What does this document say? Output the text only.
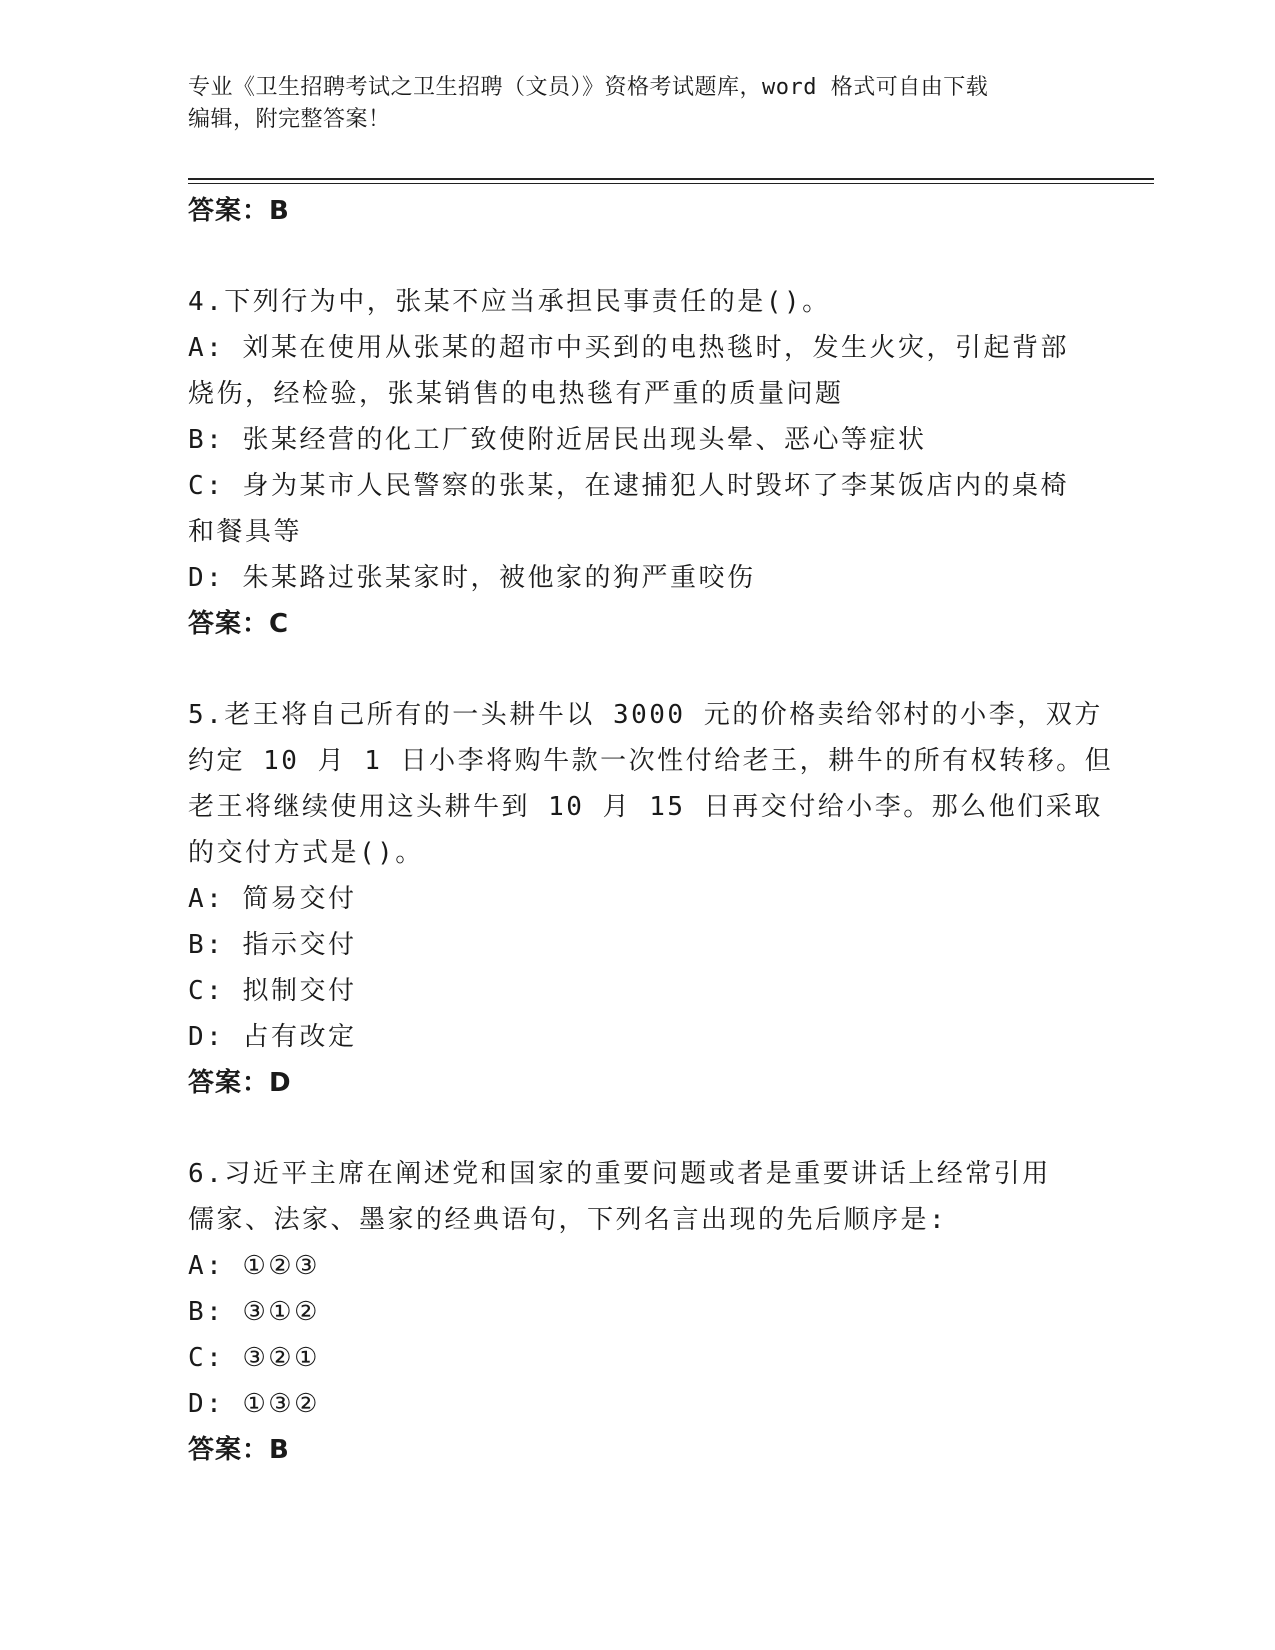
专业《卫生招聘考试之卫生招聘（文员）》资格考试题库，word 格式可自由下载
编辑，附完整答案！
答案：B
4.下列行为中，张某不应当承担民事责任的是()。
A: 刘某在使用从张某的超市中买到的电热毯时，发生火灾，引起背部
烧伤，经检验，张某销售的电热毯有严重的质量问题
B: 张某经营的化工厂致使附近居民出现头晕、恶心等症状
C: 身为某市人民警察的张某，在逮捕犯人时毁坏了李某饭店内的桌椅
和餐具等
D: 朱某路过张某家时，被他家的狗严重咬伤
答案：C
5.老王将自己所有的一头耕牛以 3000 元的价格卖给邻村的小李，双方
约定 10 月 1 日小李将购牛款一次性付给老王，耕牛的所有权转移。但
老王将继续使用这头耕牛到 10 月 15 日再交付给小李。那么他们采取
的交付方式是()。
A: 简易交付
B: 指示交付
C: 拟制交付
D: 占有改定
答案：D
6.习近平主席在阐述党和国家的重要问题或者是重要讲话上经常引用
儒家、法家、墨家的经典语句，下列名言出现的先后顺序是:
A: ①②③
B: ③①②
C: ③②①
D: ①③②
答案：B
